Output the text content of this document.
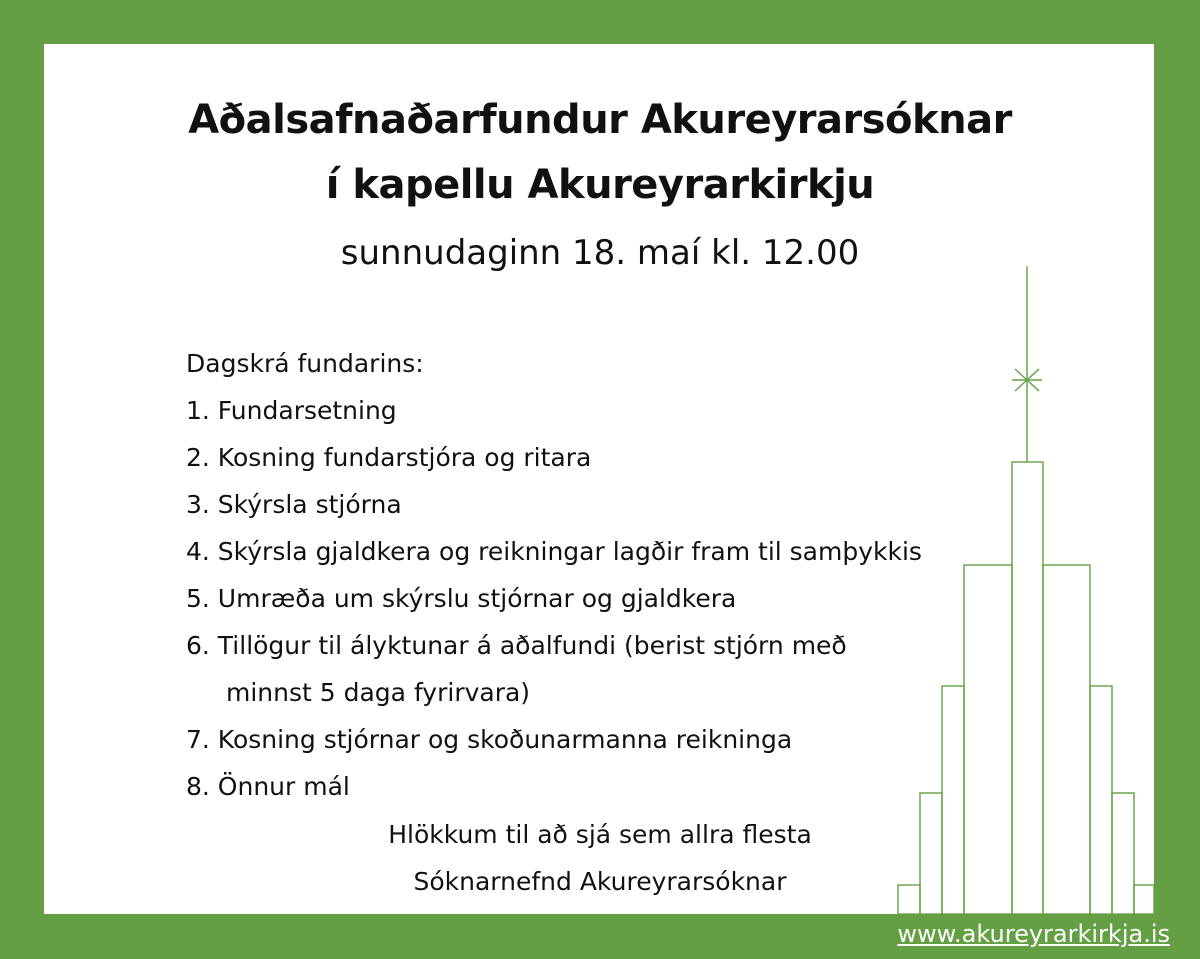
Aðalsafnaðarfundur Akureyrarsóknar
í kapellu Akureyrarkirkju
sunnudaginn 18. maí kl. 12.00
Dagskrá fundarins:
1. Fundarsetning
2. Kosning fundarstjóra og ritara
3. Skýrsla stjórna
4. Skýrsla gjaldkera og reikningar lagðir fram til samþykkis
5. Umræða um skýrslu stjórnar og gjaldkera
6. Tillögur til ályktunar á aðalfundi (berist stjórn með
minnst 5 daga fyrirvara)
7. Kosning stjórnar og skoðunarmanna reikninga
8. Önnur mál
Hlökkum til að sjá sem allra flesta
Sóknarnefnd Akureyrarsóknar
www.akureyrarkirkja.is
